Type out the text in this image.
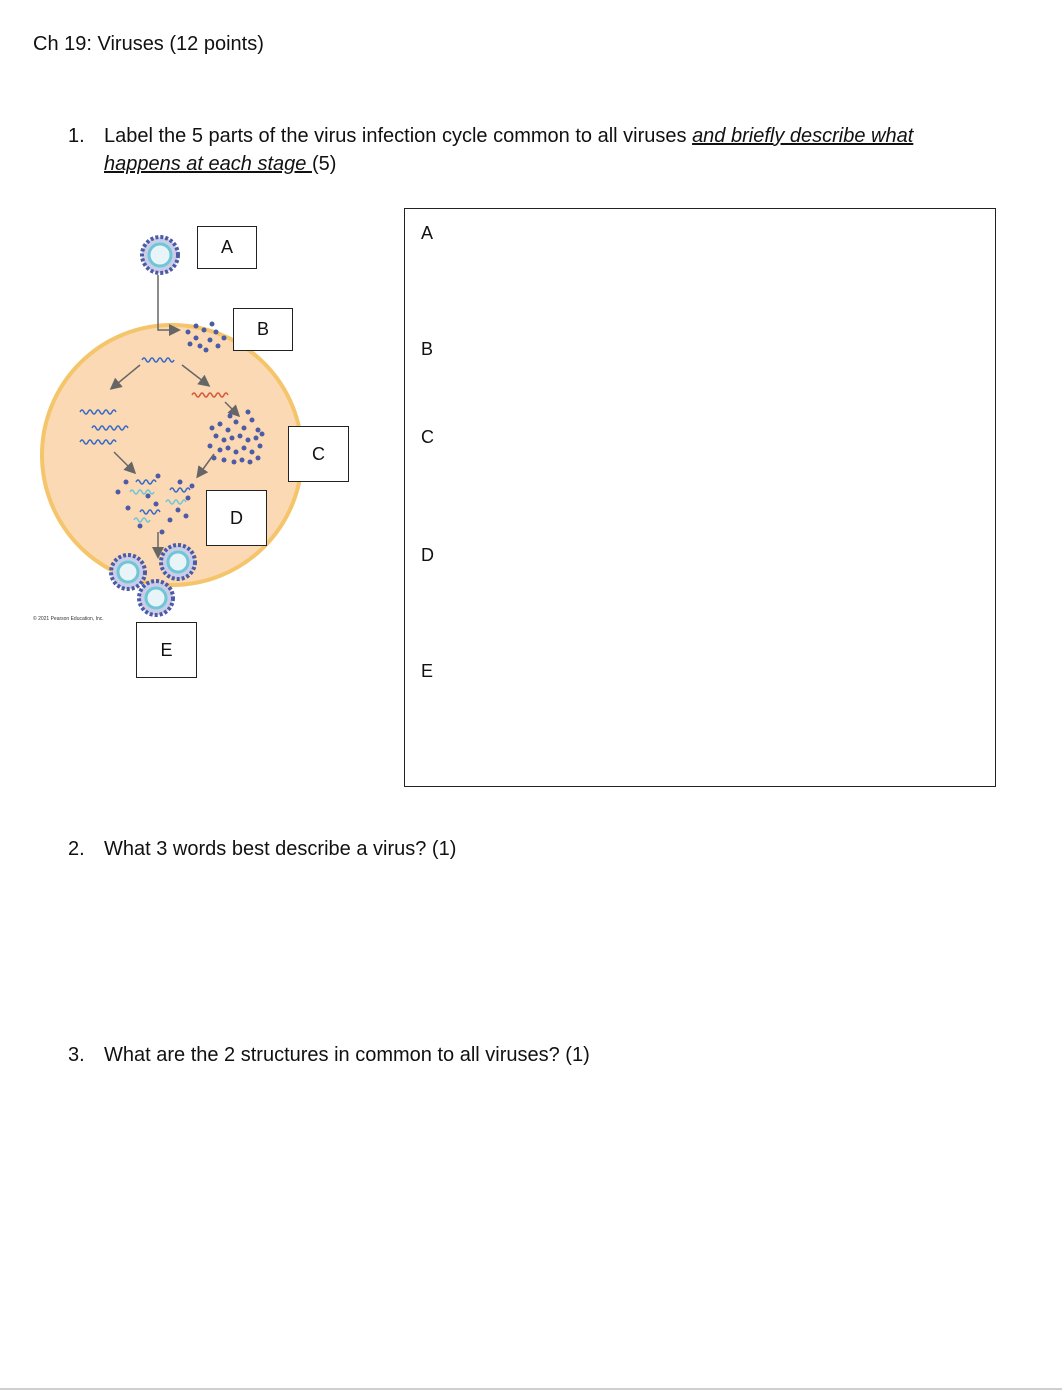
Ch 19: Viruses (12 points)
1. Label the 5 parts of the virus infection cycle common to all viruses and briefly describe what happens at each stage (5)
© 2021 Pearson Education, Inc.
A
B
C
D
E
A
B
C
D
E
2. What 3 words best describe a virus? (1)
3. What are the 2 structures in common to all viruses? (1)
